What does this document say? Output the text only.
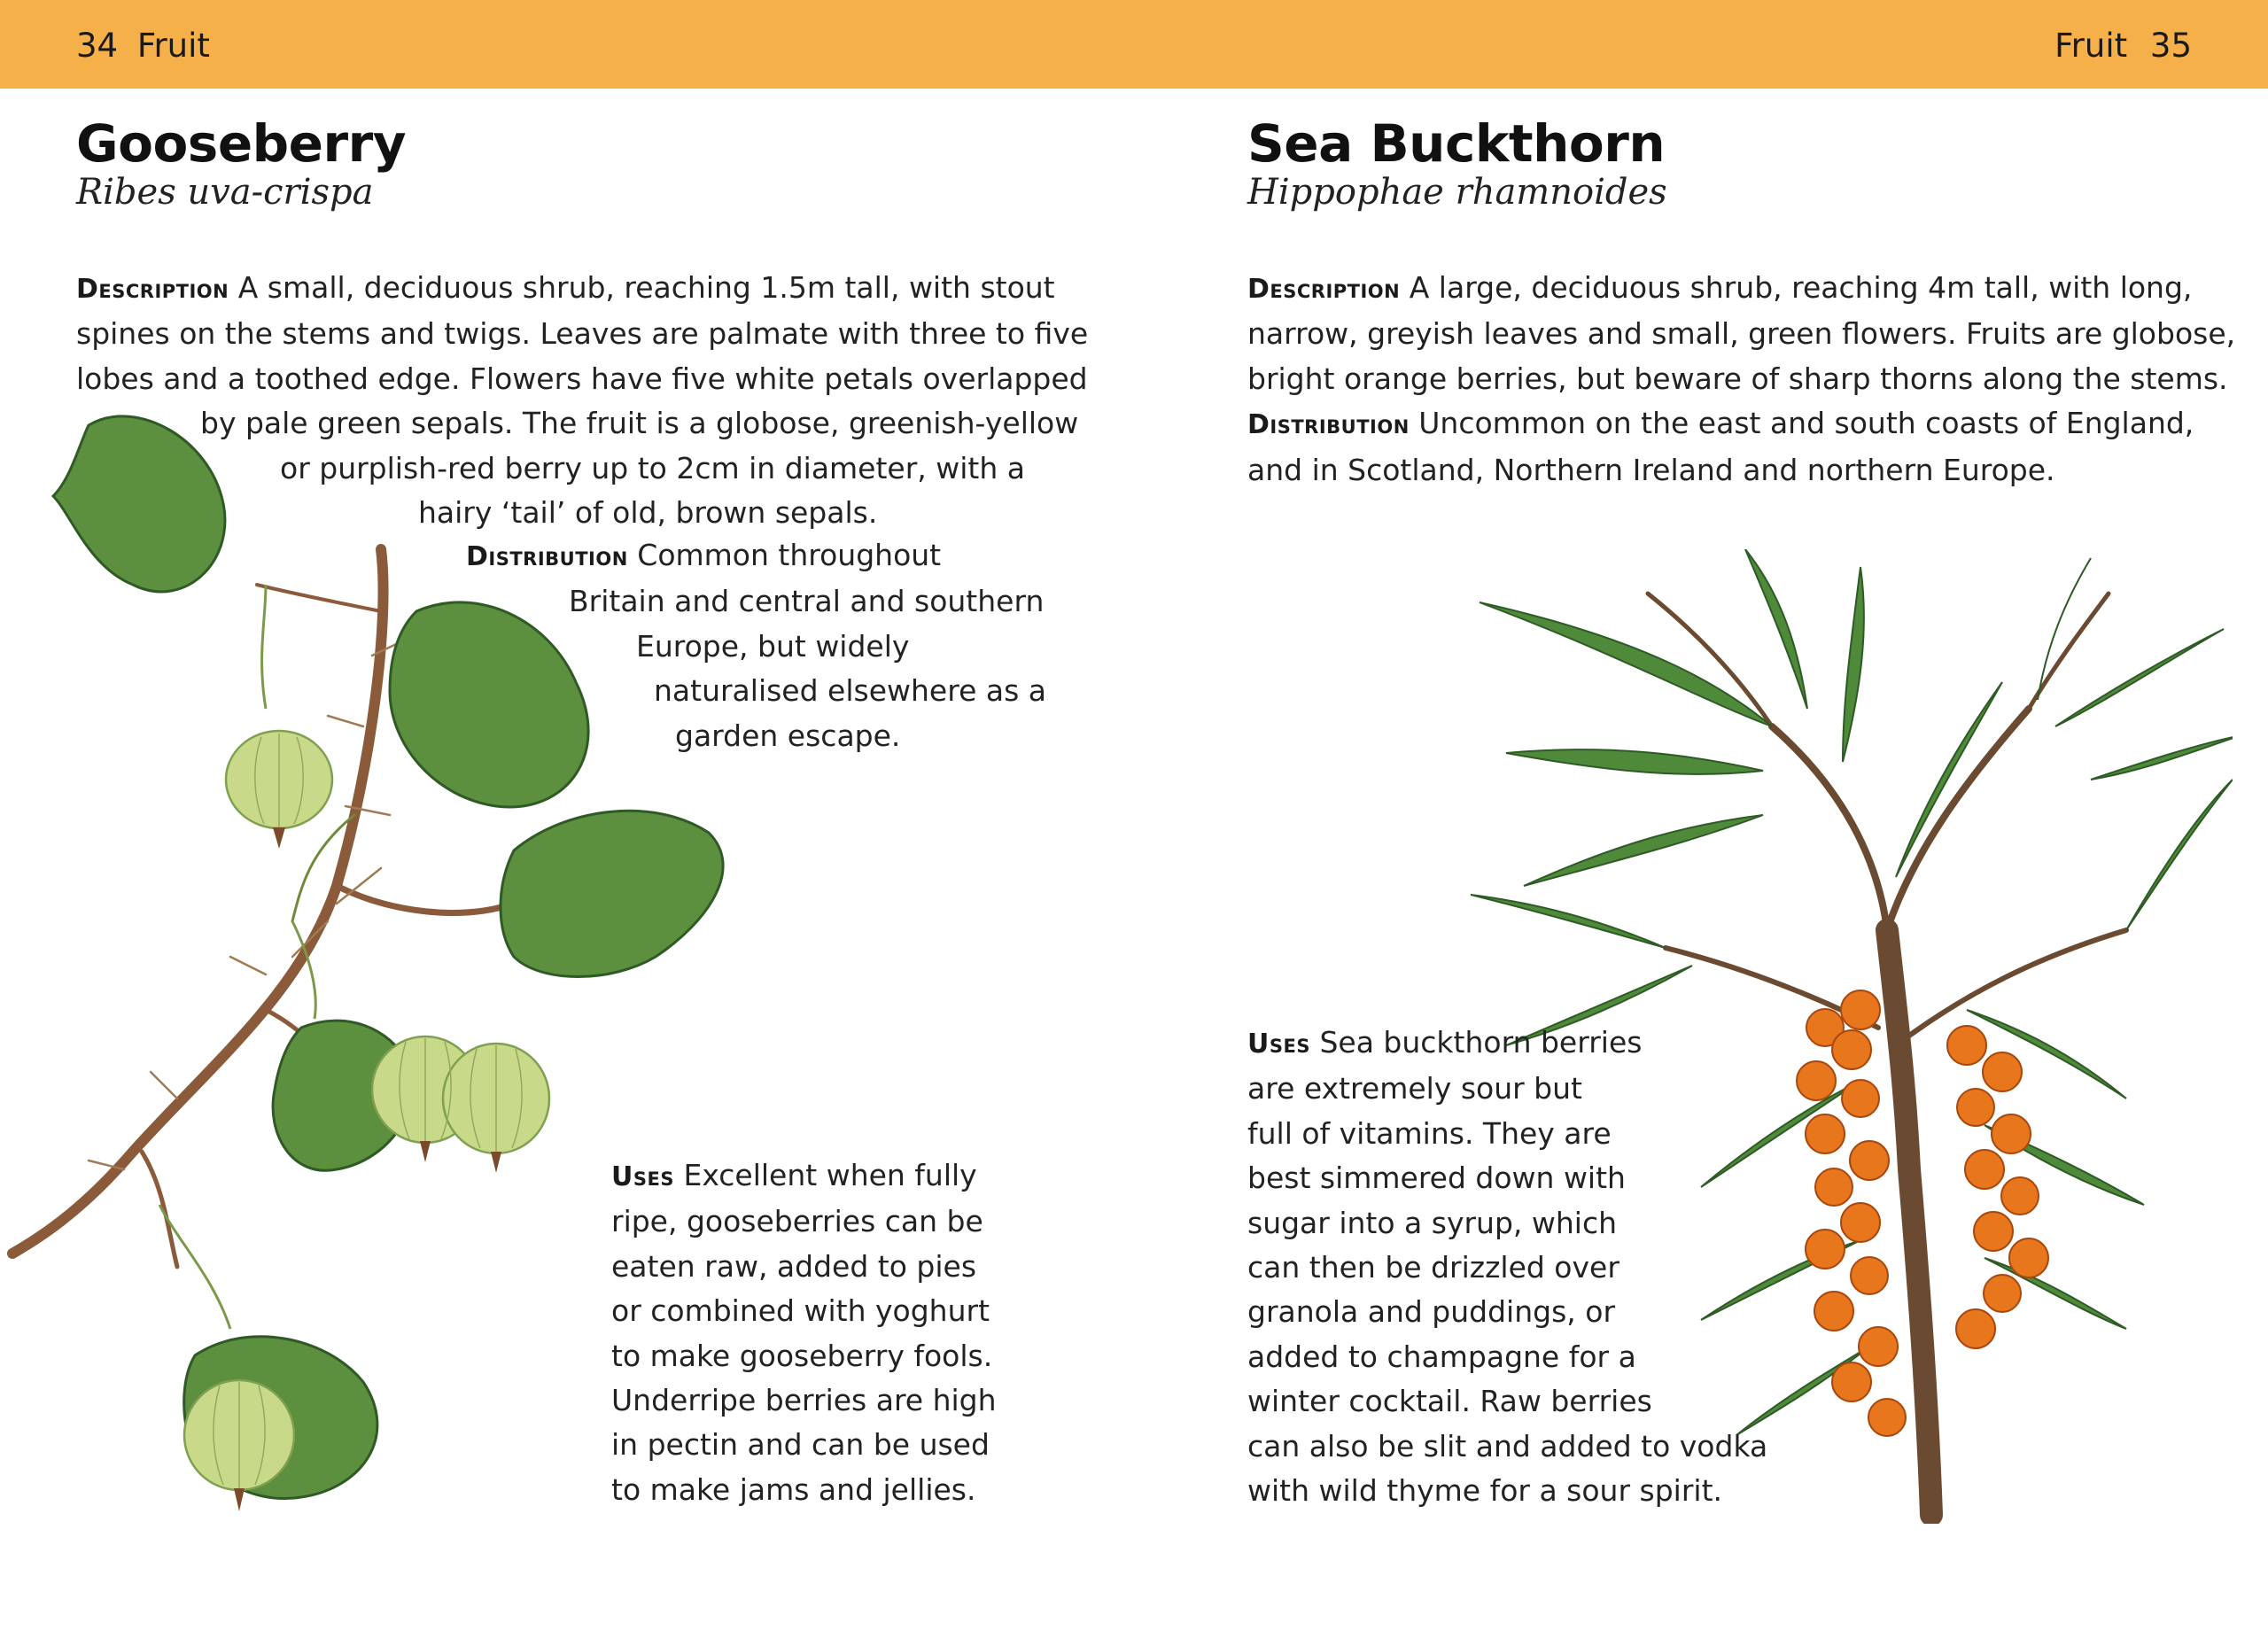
34 Fruit	Fruit 35
Gooseberry
Ribes uva-crispa
Description A small, deciduous shrub, reaching 1.5m tall, with stout
spines on the stems and twigs. Leaves are palmate with three to five
lobes and a toothed edge. Flowers have five white petals overlapped
by pale green sepals. The fruit is a globose, greenish-yellow
or purplish-red berry up to 2cm in diameter, with a
hairy ‘tail’ of old, brown sepals.
Distribution Common throughout
Britain and central and southern
Europe, but widely
naturalised elsewhere as a
garden escape.
Uses Excellent when fully
ripe, gooseberries can be
eaten raw, added to pies
or combined with yoghurt
to make gooseberry fools.
Underripe berries are high
in pectin and can be used
to make jams and jellies.
Sea Buckthorn
Hippophae rhamnoides
Description A large, deciduous shrub, reaching 4m tall, with long,
narrow, greyish leaves and small, green flowers. Fruits are globose,
bright orange berries, but beware of sharp thorns along the stems.
Distribution Uncommon on the east and south coasts of England,
and in Scotland, Northern Ireland and northern Europe.
Uses Sea buckthorn berries
are extremely sour but
full of vitamins. They are
best simmered down with
sugar into a syrup, which
can then be drizzled over
granola and puddings, or
added to champagne for a
winter cocktail. Raw berries
can also be slit and added to vodka
with wild thyme for a sour spirit.
